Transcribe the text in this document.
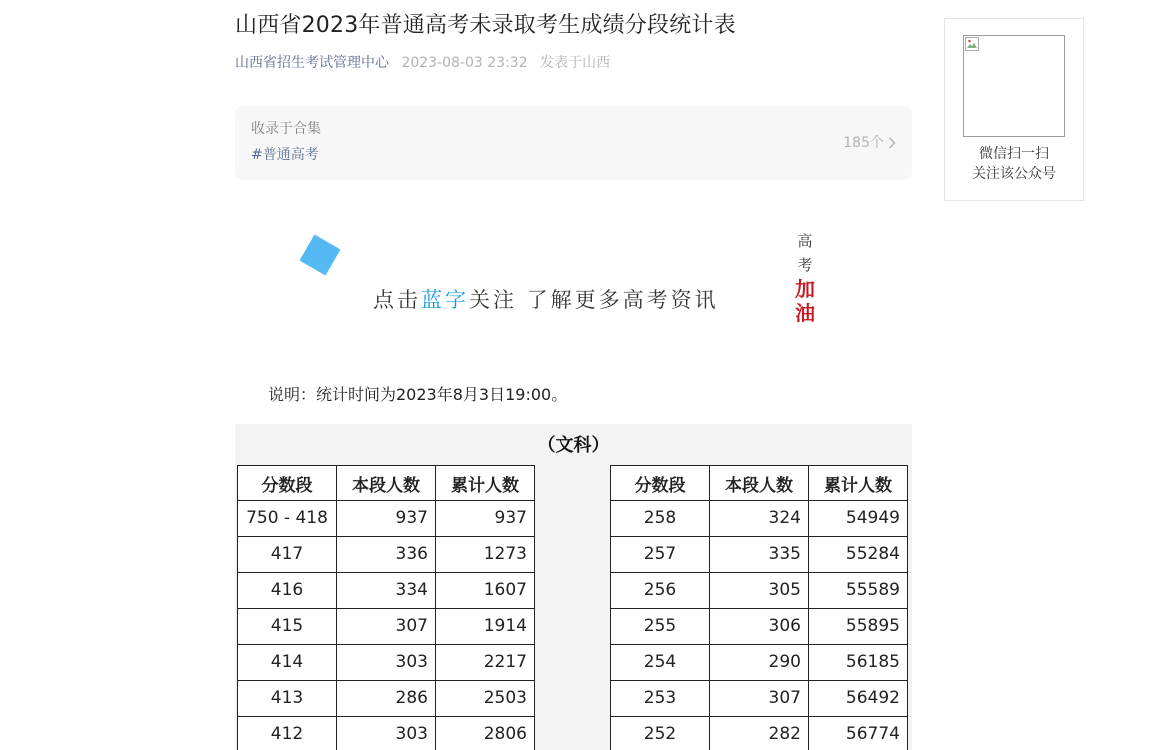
山西省2023年普通高考未录取考生成绩分段统计表
山西省招生考试管理中心 2023-08-03 23:32 发表于山西
收录于合集
#普通高考
185个
点击蓝字关注 了解更多高考资讯
高
考
加
油
说明：统计时间为2023年8月3日19:00。
（文科）
分数段	本段人数	累计人数
750 - 418	937	937
417	336	1273
416	334	1607
415	307	1914
414	303	2217
413	286	2503
412	303	2806
分数段	本段人数	累计人数
258	324	54949
257	335	55284
256	305	55589
255	306	55895
254	290	56185
253	307	56492
252	282	56774
微信扫一扫
关注该公众号
